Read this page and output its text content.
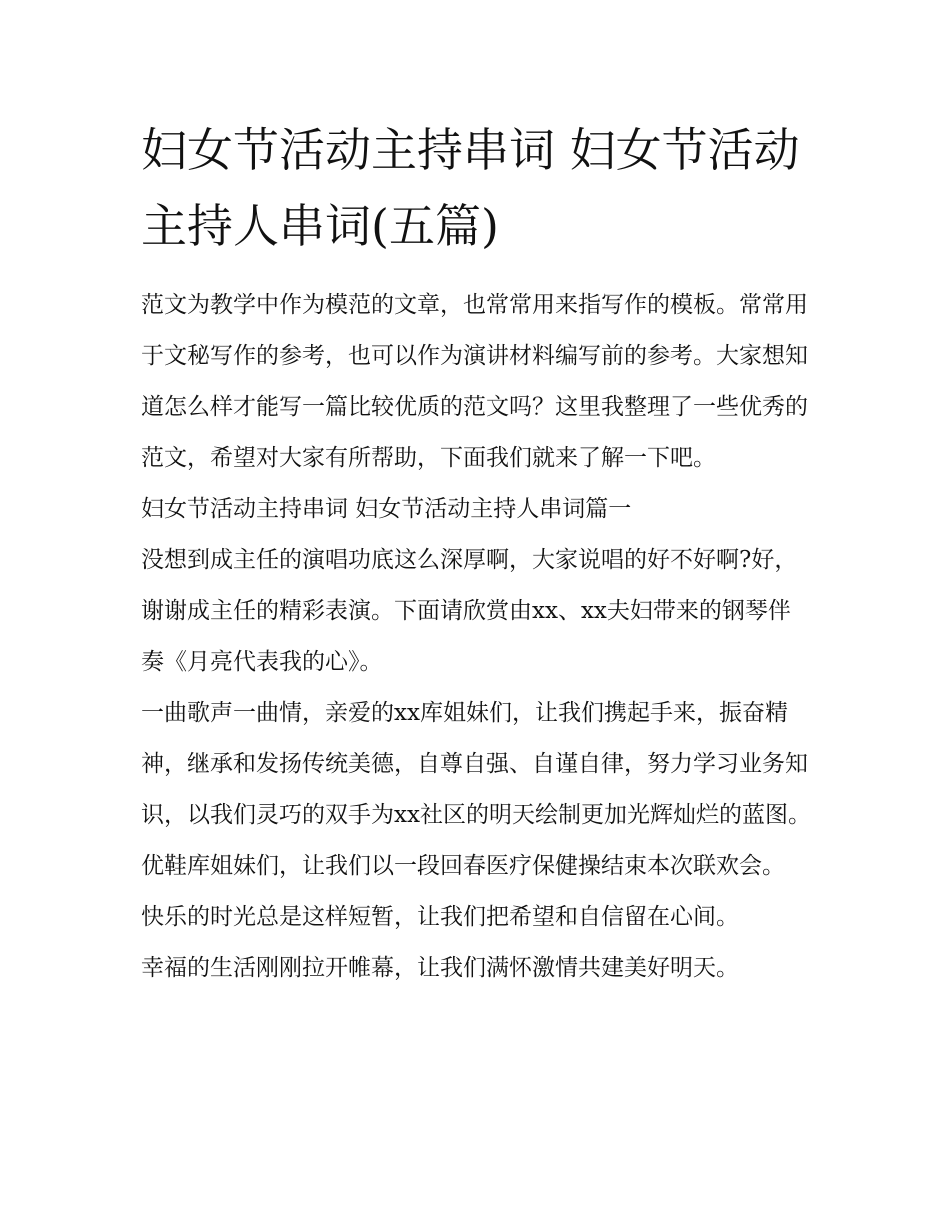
妇女节活动主持串词 妇女节活动主持人串词(五篇)

范文为教学中作为模范的文章，也常常用来指写作的模板。常常用于文秘写作的参考，也可以作为演讲材料编写前的参考。大家想知道怎么样才能写一篇比较优质的范文吗？这里我整理了一些优秀的范文，希望对大家有所帮助，下面我们就来了解一下吧。

妇女节活动主持串词 妇女节活动主持人串词篇一

没想到成主任的演唱功底这么深厚啊，大家说唱的好不好啊?好，谢谢成主任的精彩表演。下面请欣赏由xx、xx夫妇带来的钢琴伴奏《月亮代表我的心》。

一曲歌声一曲情，亲爱的xx库姐妹们，让我们携起手来，振奋精神，继承和发扬传统美德，自尊自强、自谨自律，努力学习业务知识，以我们灵巧的双手为xx社区的明天绘制更加光辉灿烂的蓝图。优鞋库姐妹们，让我们以一段回春医疗保健操结束本次联欢会。

快乐的时光总是这样短暂，让我们把希望和自信留在心间。

幸福的生活刚刚拉开帷幕，让我们满怀激情共建美好明天。
